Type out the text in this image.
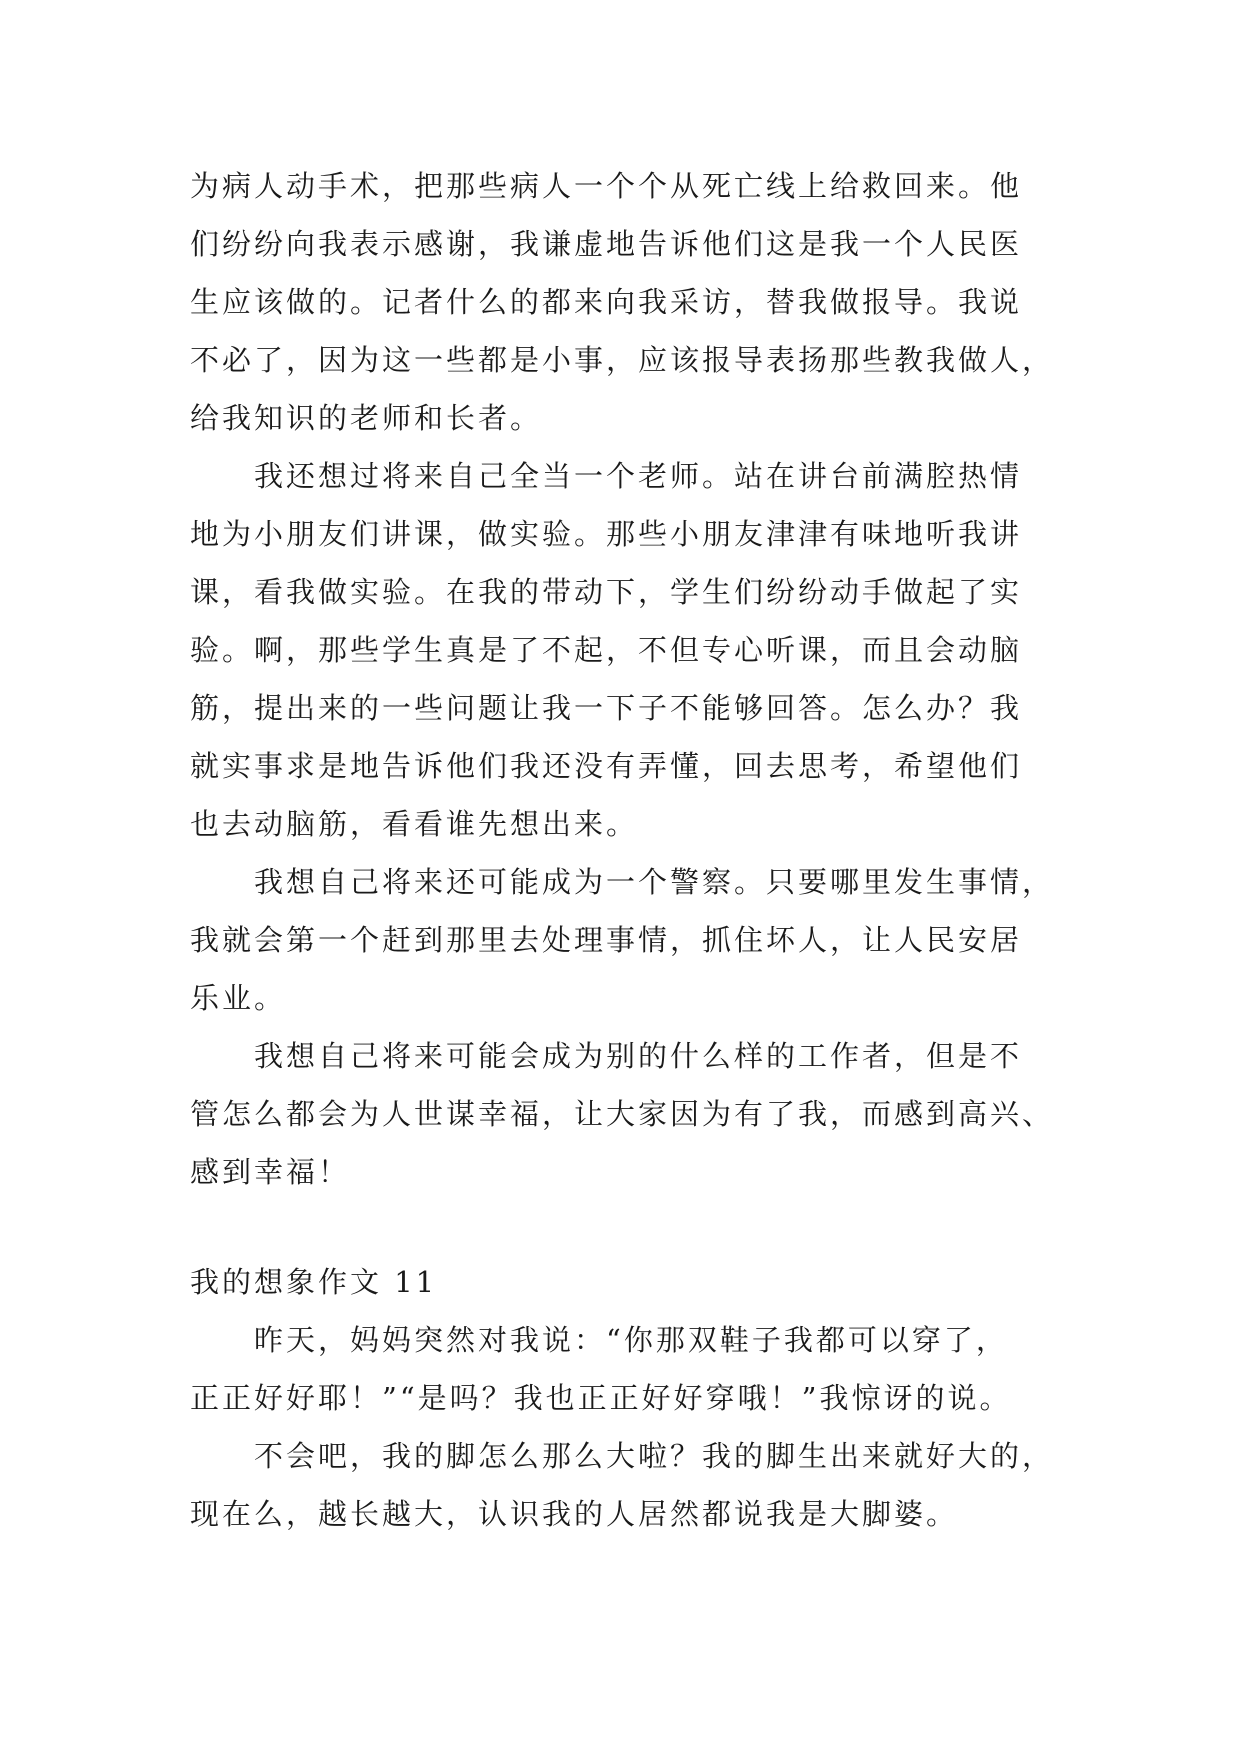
为病人动手术，把那些病人一个个从死亡线上给救回来。他
们纷纷向我表示感谢，我谦虚地告诉他们这是我一个人民医
生应该做的。记者什么的都来向我采访，替我做报导。我说
不必了，因为这一些都是小事，应该报导表扬那些教我做人，
给我知识的老师和长者。
我还想过将来自己全当一个老师。站在讲台前满腔热情
地为小朋友们讲课，做实验。那些小朋友津津有味地听我讲
课，看我做实验。在我的带动下，学生们纷纷动手做起了实
验。啊，那些学生真是了不起，不但专心听课，而且会动脑
筋，提出来的一些问题让我一下子不能够回答。怎么办？我
就实事求是地告诉他们我还没有弄懂，回去思考，希望他们
也去动脑筋，看看谁先想出来。
我想自己将来还可能成为一个警察。只要哪里发生事情，
我就会第一个赶到那里去处理事情，抓住坏人，让人民安居
乐业。
我想自己将来可能会成为别的什么样的工作者，但是不
管怎么都会为人世谋幸福，让大家因为有了我，而感到高兴、
感到幸福！
我的想象作文 11
昨天，妈妈突然对我说：“你那双鞋子我都可以穿了，
正正好好耶！”“是吗？我也正正好好穿哦！”我惊讶的说。
不会吧，我的脚怎么那么大啦？我的脚生出来就好大的，
现在么，越长越大，认识我的人居然都说我是大脚婆。
